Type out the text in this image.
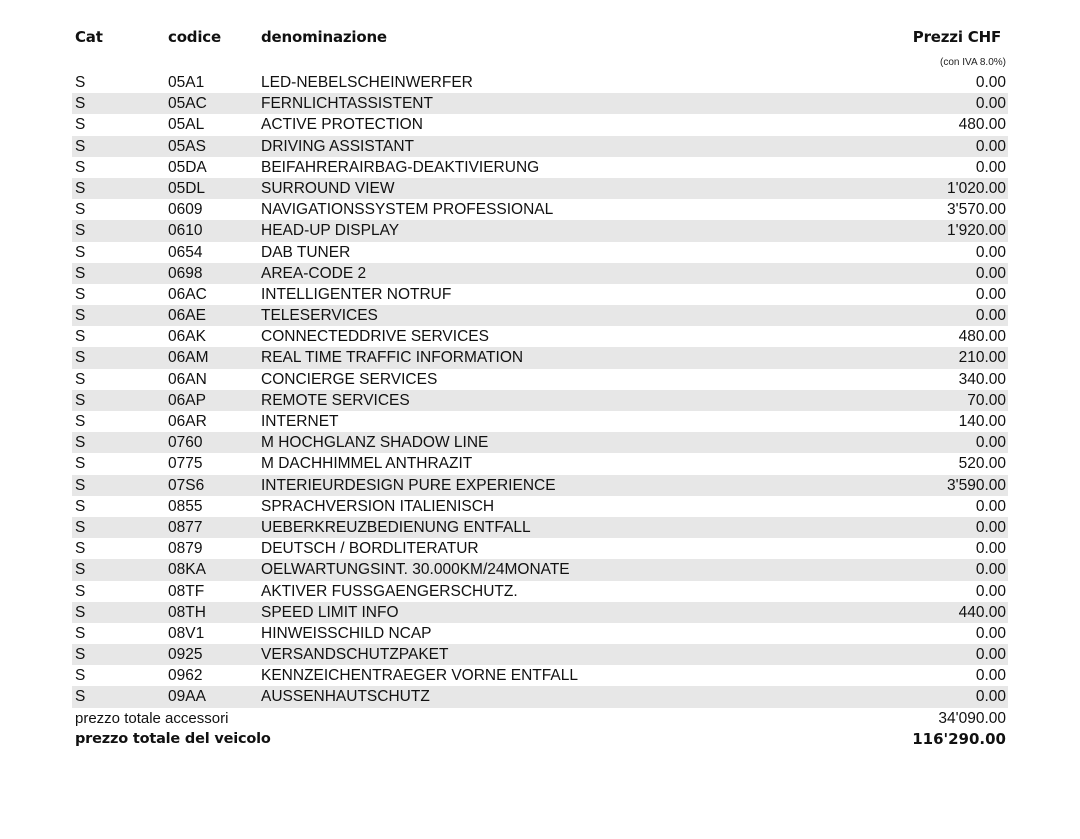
Cat	codice	denominazione	Prezzi CHF
(con IVA 8.0%)
S	05A1	LED-NEBELSCHEINWERFER	0.00
S	05AC	FERNLICHTASSISTENT	0.00
S	05AL	ACTIVE PROTECTION	480.00
S	05AS	DRIVING ASSISTANT	0.00
S	05DA	BEIFAHRERAIRBAG-DEAKTIVIERUNG	0.00
S	05DL	SURROUND VIEW	1'020.00
S	0609	NAVIGATIONSSYSTEM PROFESSIONAL	3'570.00
S	0610	HEAD-UP DISPLAY	1'920.00
S	0654	DAB TUNER	0.00
S	0698	AREA-CODE 2	0.00
S	06AC	INTELLIGENTER NOTRUF	0.00
S	06AE	TELESERVICES	0.00
S	06AK	CONNECTEDDRIVE SERVICES	480.00
S	06AM	REAL TIME TRAFFIC INFORMATION	210.00
S	06AN	CONCIERGE SERVICES	340.00
S	06AP	REMOTE SERVICES	70.00
S	06AR	INTERNET	140.00
S	0760	M HOCHGLANZ SHADOW LINE	0.00
S	0775	M DACHHIMMEL ANTHRAZIT	520.00
S	07S6	INTERIEURDESIGN PURE EXPERIENCE	3'590.00
S	0855	SPRACHVERSION ITALIENISCH	0.00
S	0877	UEBERKREUZBEDIENUNG ENTFALL	0.00
S	0879	DEUTSCH / BORDLITERATUR	0.00
S	08KA	OELWARTUNGSINT. 30.000KM/24MONATE	0.00
S	08TF	AKTIVER FUSSGAENGERSCHUTZ.	0.00
S	08TH	SPEED LIMIT INFO	440.00
S	08V1	HINWEISSCHILD NCAP	0.00
S	0925	VERSANDSCHUTZPAKET	0.00
S	0962	KENNZEICHENTRAEGER VORNE ENTFALL	0.00
S	09AA	AUSSENHAUTSCHUTZ	0.00
prezzo totale accessori	34'090.00
prezzo totale del veicolo	116'290.00
